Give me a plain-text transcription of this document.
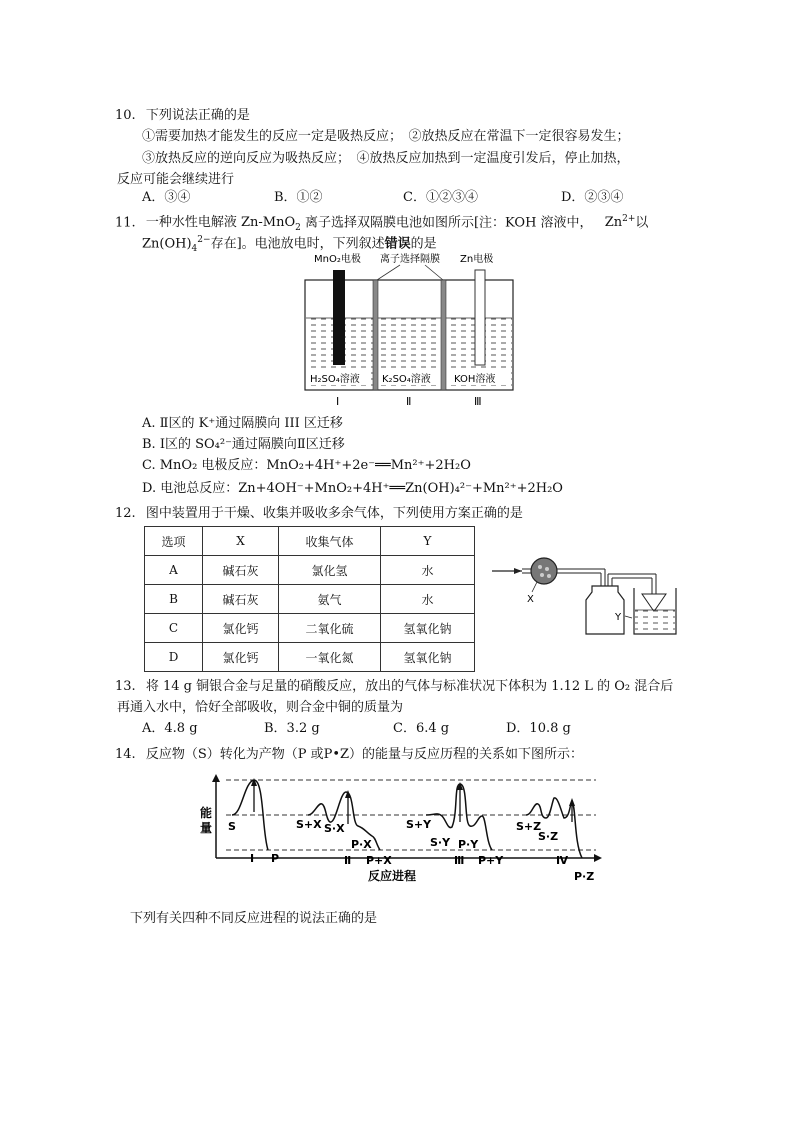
10. 下列说法正确的是
①需要加热才能发生的反应一定是吸热反应；　②放热反应在常温下一定很容易发生；
③放热反应的逆向反应为吸热反应；　④放热反应加热到一定温度引发后，停止加热，
反应可能会继续进行
A．③④	B．①②	C．①②③④	D．②③④
11. 一种水性电解液 Zn-MnO$_2$ 离子选择双隔膜电池如图所示[注：KOH 溶液中， $Zn^{2+}$以
$Zn(OH)_4^{2-}$存在]。电池放电时，下列叙述错误的是
MnO₂电极 离子选择隔膜 Zn电极
H₂SO₄溶液 K₂SO₄溶液 KOH溶液
Ⅰ	Ⅱ	Ⅲ
A. Ⅱ区的 K⁺通过隔膜向 III 区迁移
B. Ⅰ区的 SO₄²⁻通过隔膜向Ⅱ区迁移
C. MnO₂ 电极反应：MnO₂+4H⁺+2e⁻══Mn²⁺+2H₂O
D. 电池总反应：Zn+4OH⁻+MnO₂+4H⁺══Zn(OH)₄²⁻+Mn²⁺+2H₂O
12. 图中装置用于干燥、收集并吸收多余气体，下列使用方案正确的是
选项	X	收集气体	Y
A	碱石灰	氯化氢	水
B	碱石灰	氨气	水
C	氯化钙	二氧化硫	氢氧化钠
D	氯化钙	一氧化氮	氢氧化钠
X
Y
13. 将 14 g 铜银合金与足量的硝酸反应，放出的气体与标准状况下体积为 1.12 L 的 O₂ 混合后
再通入水中，恰好全部吸收，则合金中铜的质量为
A．4.8 g	B．3.2 g	C．6.4 g	D．10.8 g
14. 反应物（S）转化为产物（P 或P•Z）的能量与反应历程的关系如下图所示：
能
量
反应进程
S
Ⅰ P
S+X S·X
P·X
Ⅱ P+X
S+Y
S·Y P·Y
Ⅲ P+Y
S+Z
S·Z
Ⅳ
P·Z
下列有关四种不同反应进程的说法正确的是
